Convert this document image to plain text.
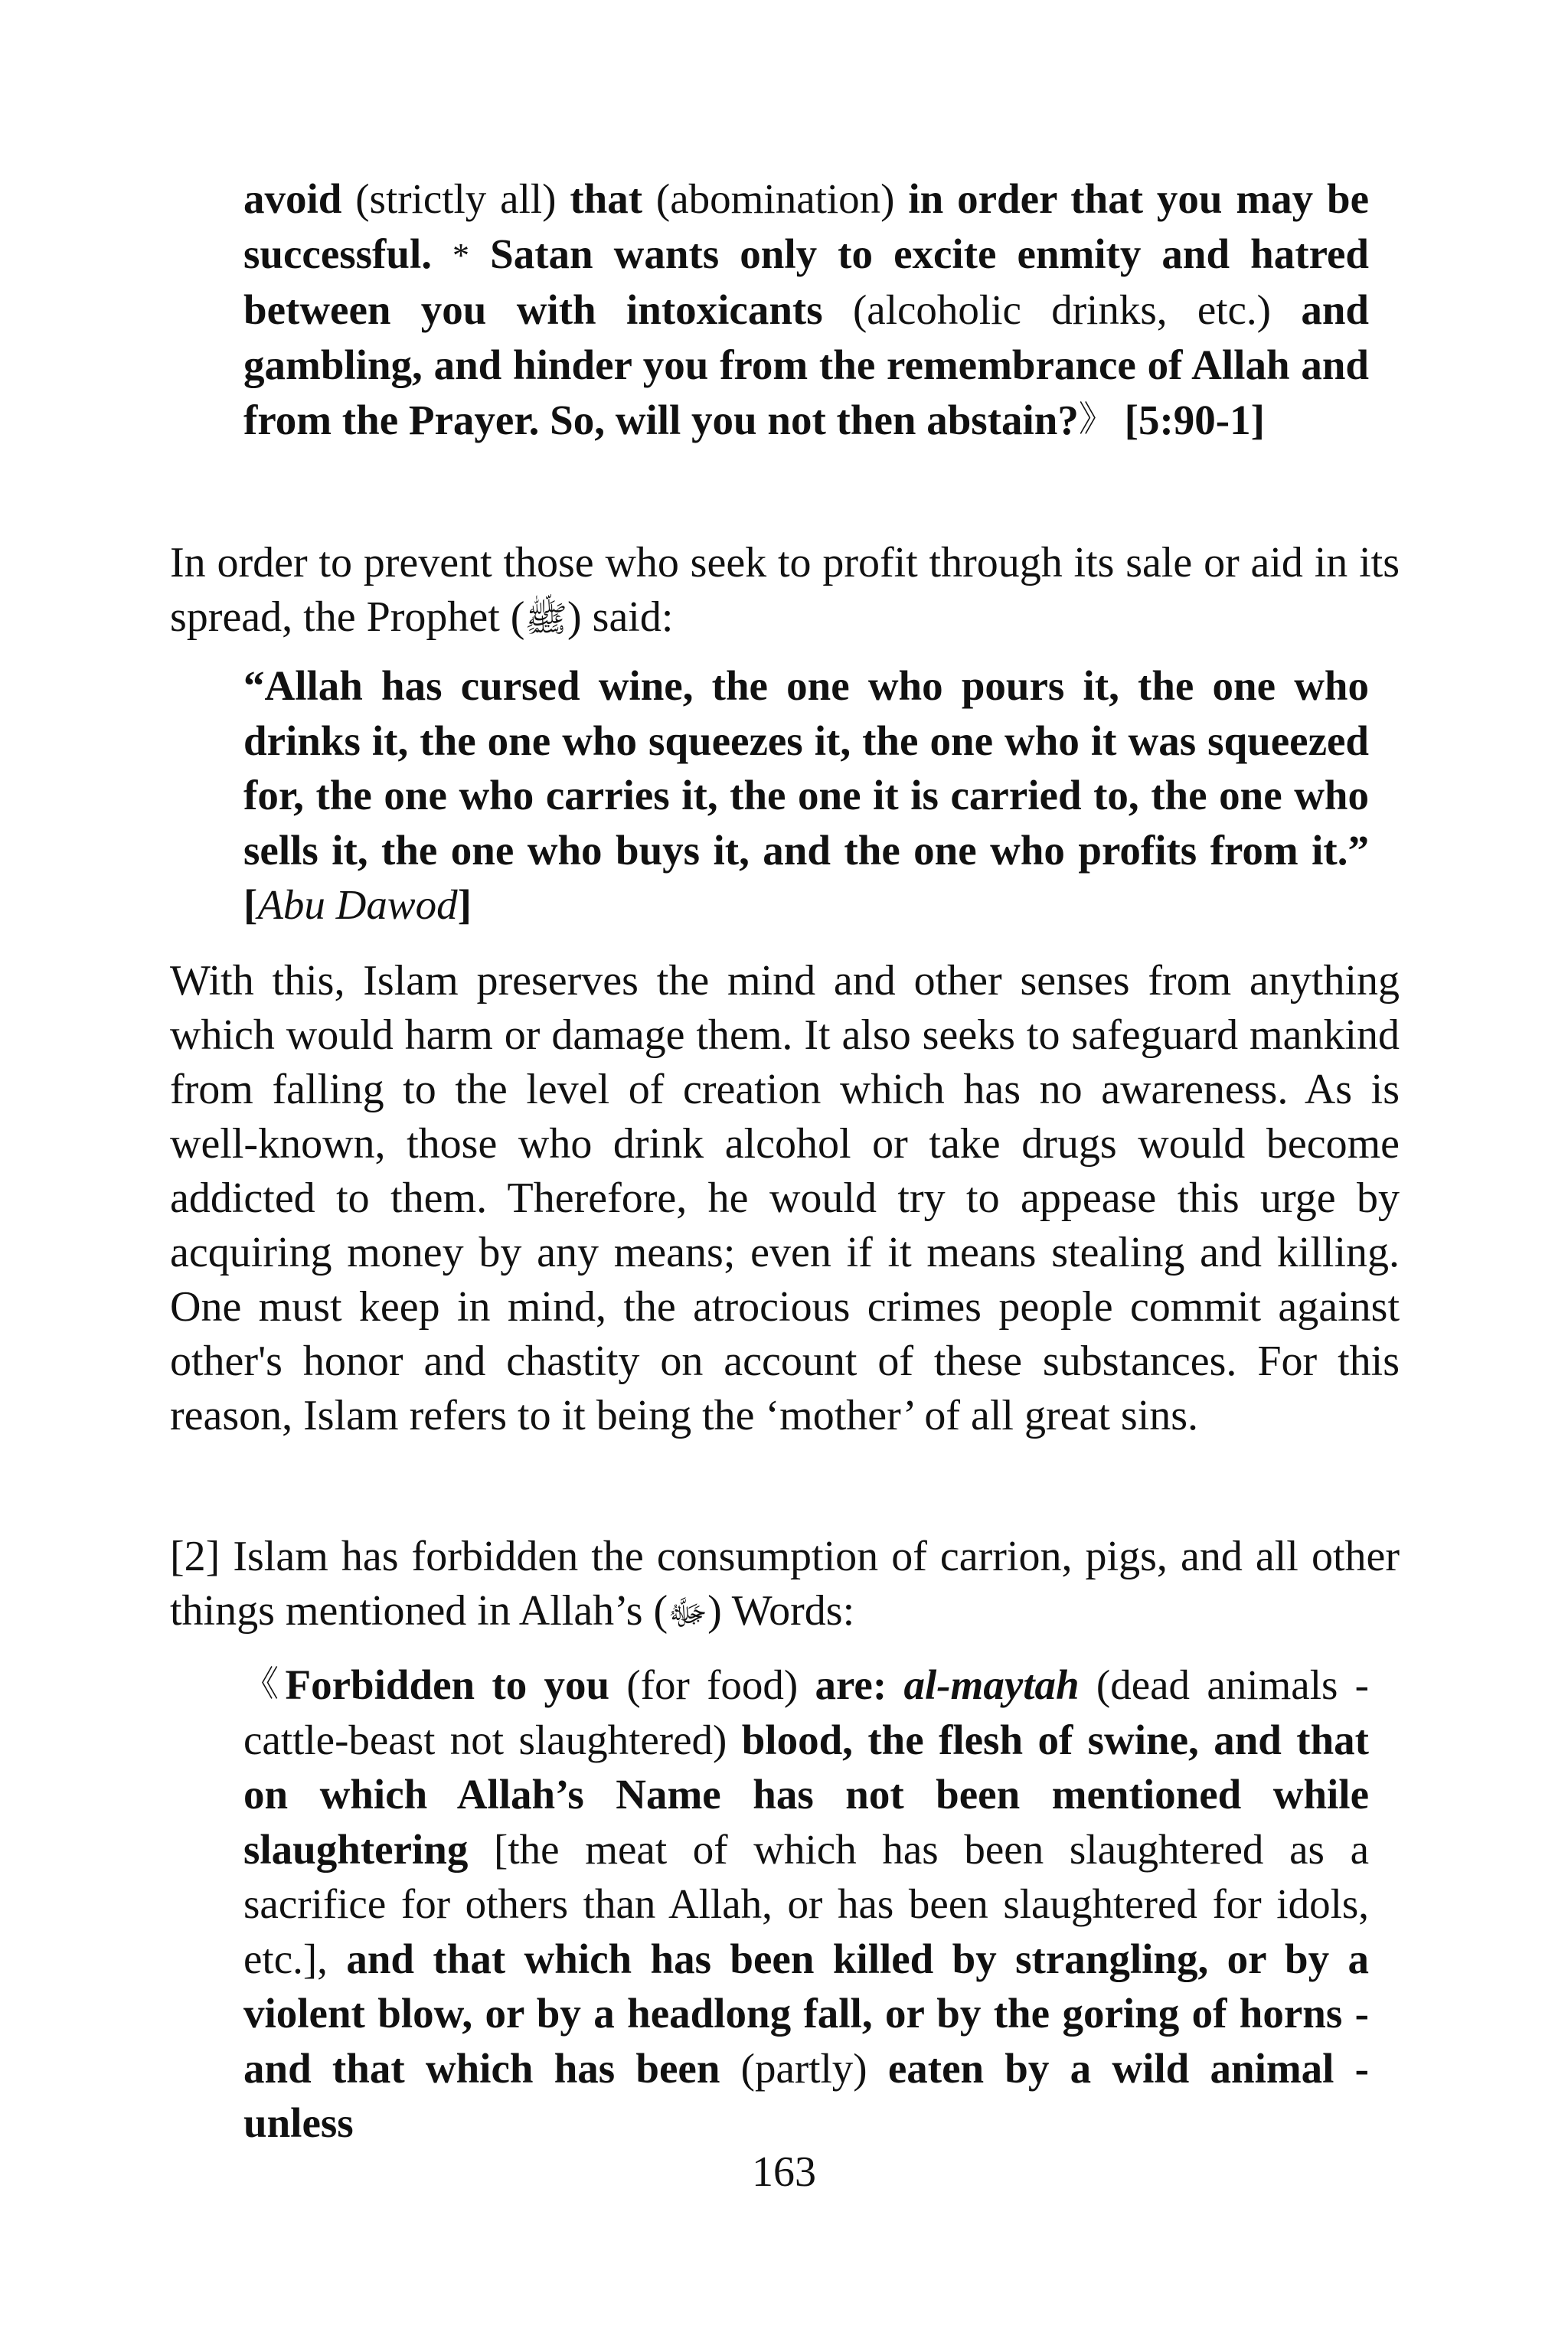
avoid (strictly all) that (abomination) in order that you may be successful. * Satan wants only to excite enmity and hatred between you with intoxicants (alcoholic drinks, etc.) and gambling, and hinder you from the remembrance of Allah and from the Prayer. So, will you not then abstain?》 [5:90-1]

In order to prevent those who seek to profit through its sale or aid in its spread, the Prophet (ﷺ) said:

“Allah has cursed wine, the one who pours it, the one who drinks it, the one who squeezes it, the one who it was squeezed for, the one who carries it, the one it is carried to, the one who sells it, the one who buys it, and the one who profits from it.” [Abu Dawod]

With this, Islam preserves the mind and other senses from anything which would harm or damage them. It also seeks to safeguard mankind from falling to the level of creation which has no awareness. As is well-known, those who drink alcohol or take drugs would become addicted to them. Therefore, he would try to appease this urge by acquiring money by any means; even if it means stealing and killing. One must keep in mind, the atrocious crimes people commit against other's honor and chastity on account of these substances. For this reason, Islam refers to it being the ‘mother’ of all great sins.

[2] Islam has forbidden the consumption of carrion, pigs, and all other things mentioned in Allah’s (ﷻ) Words:

《Forbidden to you (for food) are: al-maytah (dead animals - cattle-beast not slaughtered) blood, the flesh of swine, and that on which Allah’s Name has not been mentioned while slaughtering [the meat of which has been slaughtered as a sacrifice for others than Allah, or has been slaughtered for idols, etc.], and that which has been killed by strangling, or by a violent blow, or by a headlong fall, or by the goring of horns - and that which has been (partly) eaten by a wild animal - unless

163
